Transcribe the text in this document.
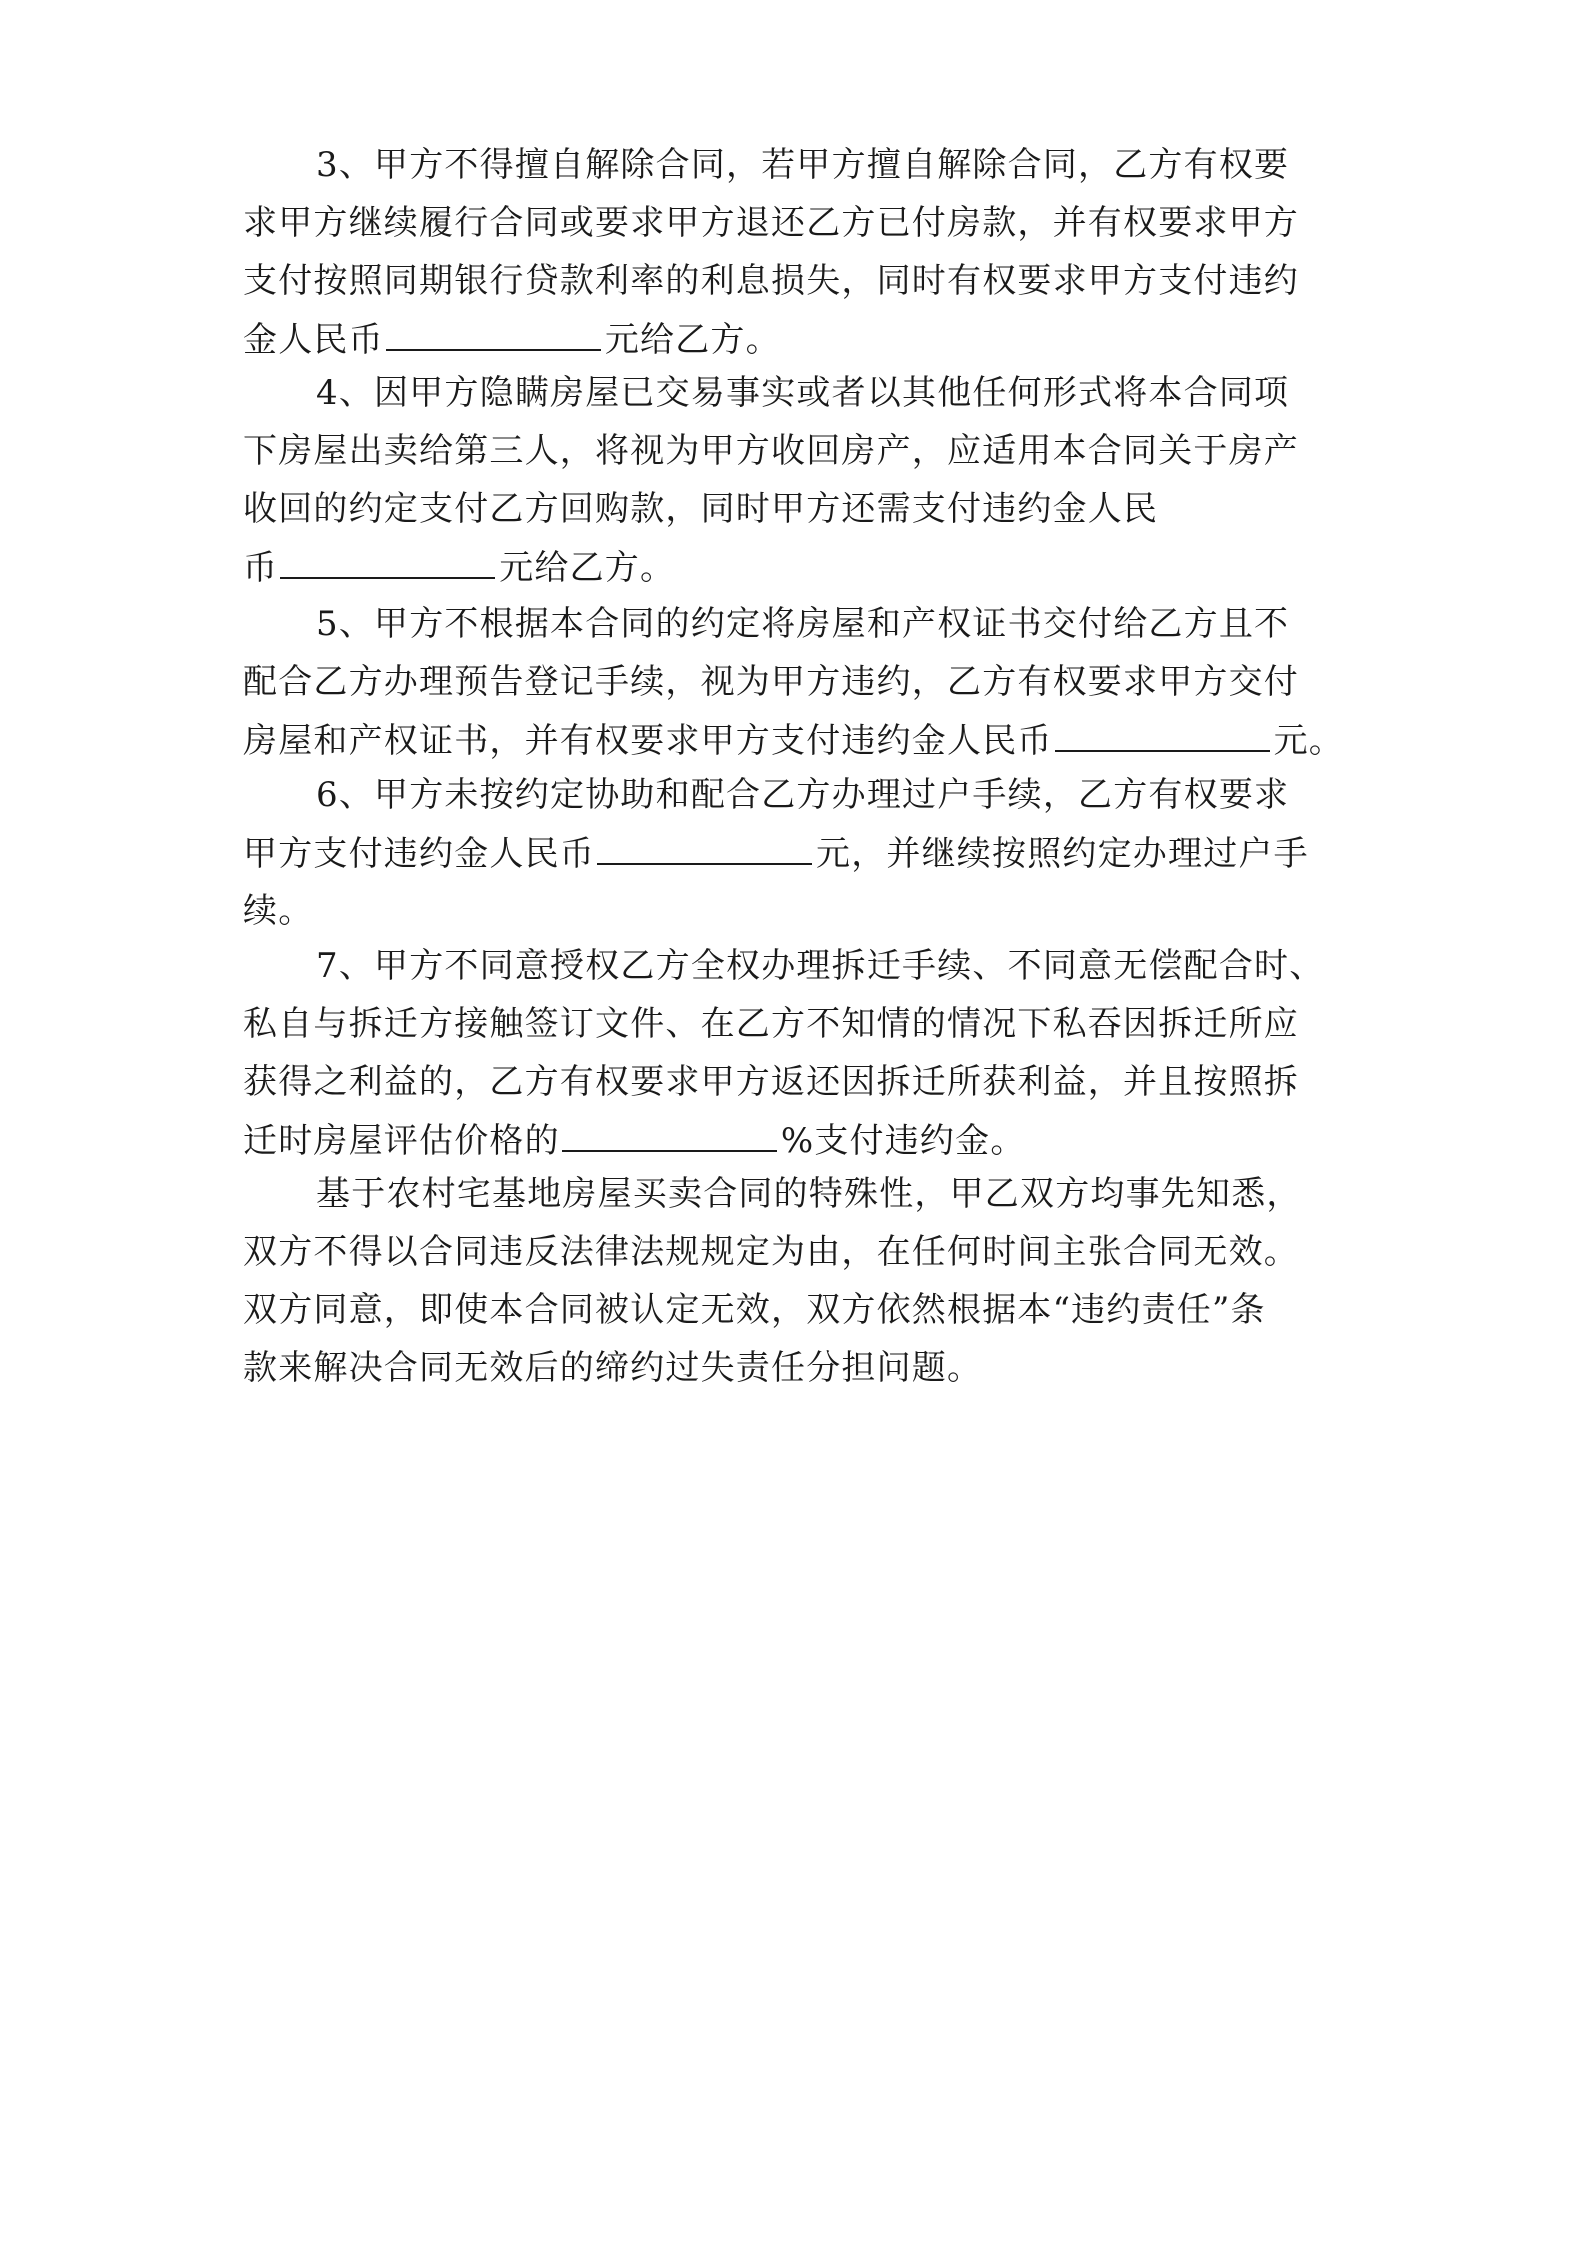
3、甲方不得擅自解除合同，若甲方擅自解除合同，乙方有权要
求甲方继续履行合同或要求甲方退还乙方已付房款，并有权要求甲方
支付按照同期银行贷款利率的利息损失，同时有权要求甲方支付违约
金人民币	元给乙方。
4、因甲方隐瞒房屋已交易事实或者以其他任何形式将本合同项
下房屋出卖给第三人，将视为甲方收回房产，应适用本合同关于房产
收回的约定支付乙方回购款，同时甲方还需支付违约金人民
币	元给乙方。
5、甲方不根据本合同的约定将房屋和产权证书交付给乙方且不
配合乙方办理预告登记手续，视为甲方违约，乙方有权要求甲方交付
房屋和产权证书，并有权要求甲方支付违约金人民币	元。
6、甲方未按约定协助和配合乙方办理过户手续，乙方有权要求
甲方支付违约金人民币	元，并继续按照约定办理过户手
续。
7、甲方不同意授权乙方全权办理拆迁手续、不同意无偿配合时、
私自与拆迁方接触签订文件、在乙方不知情的情况下私吞因拆迁所应
获得之利益的，乙方有权要求甲方返还因拆迁所获利益，并且按照拆
迁时房屋评估价格的	%支付违约金。
基于农村宅基地房屋买卖合同的特殊性，甲乙双方均事先知悉，
双方不得以合同违反法律法规规定为由，在任何时间主张合同无效。
双方同意，即使本合同被认定无效，双方依然根据本“违约责任”条
款来解决合同无效后的缔约过失责任分担问题。
